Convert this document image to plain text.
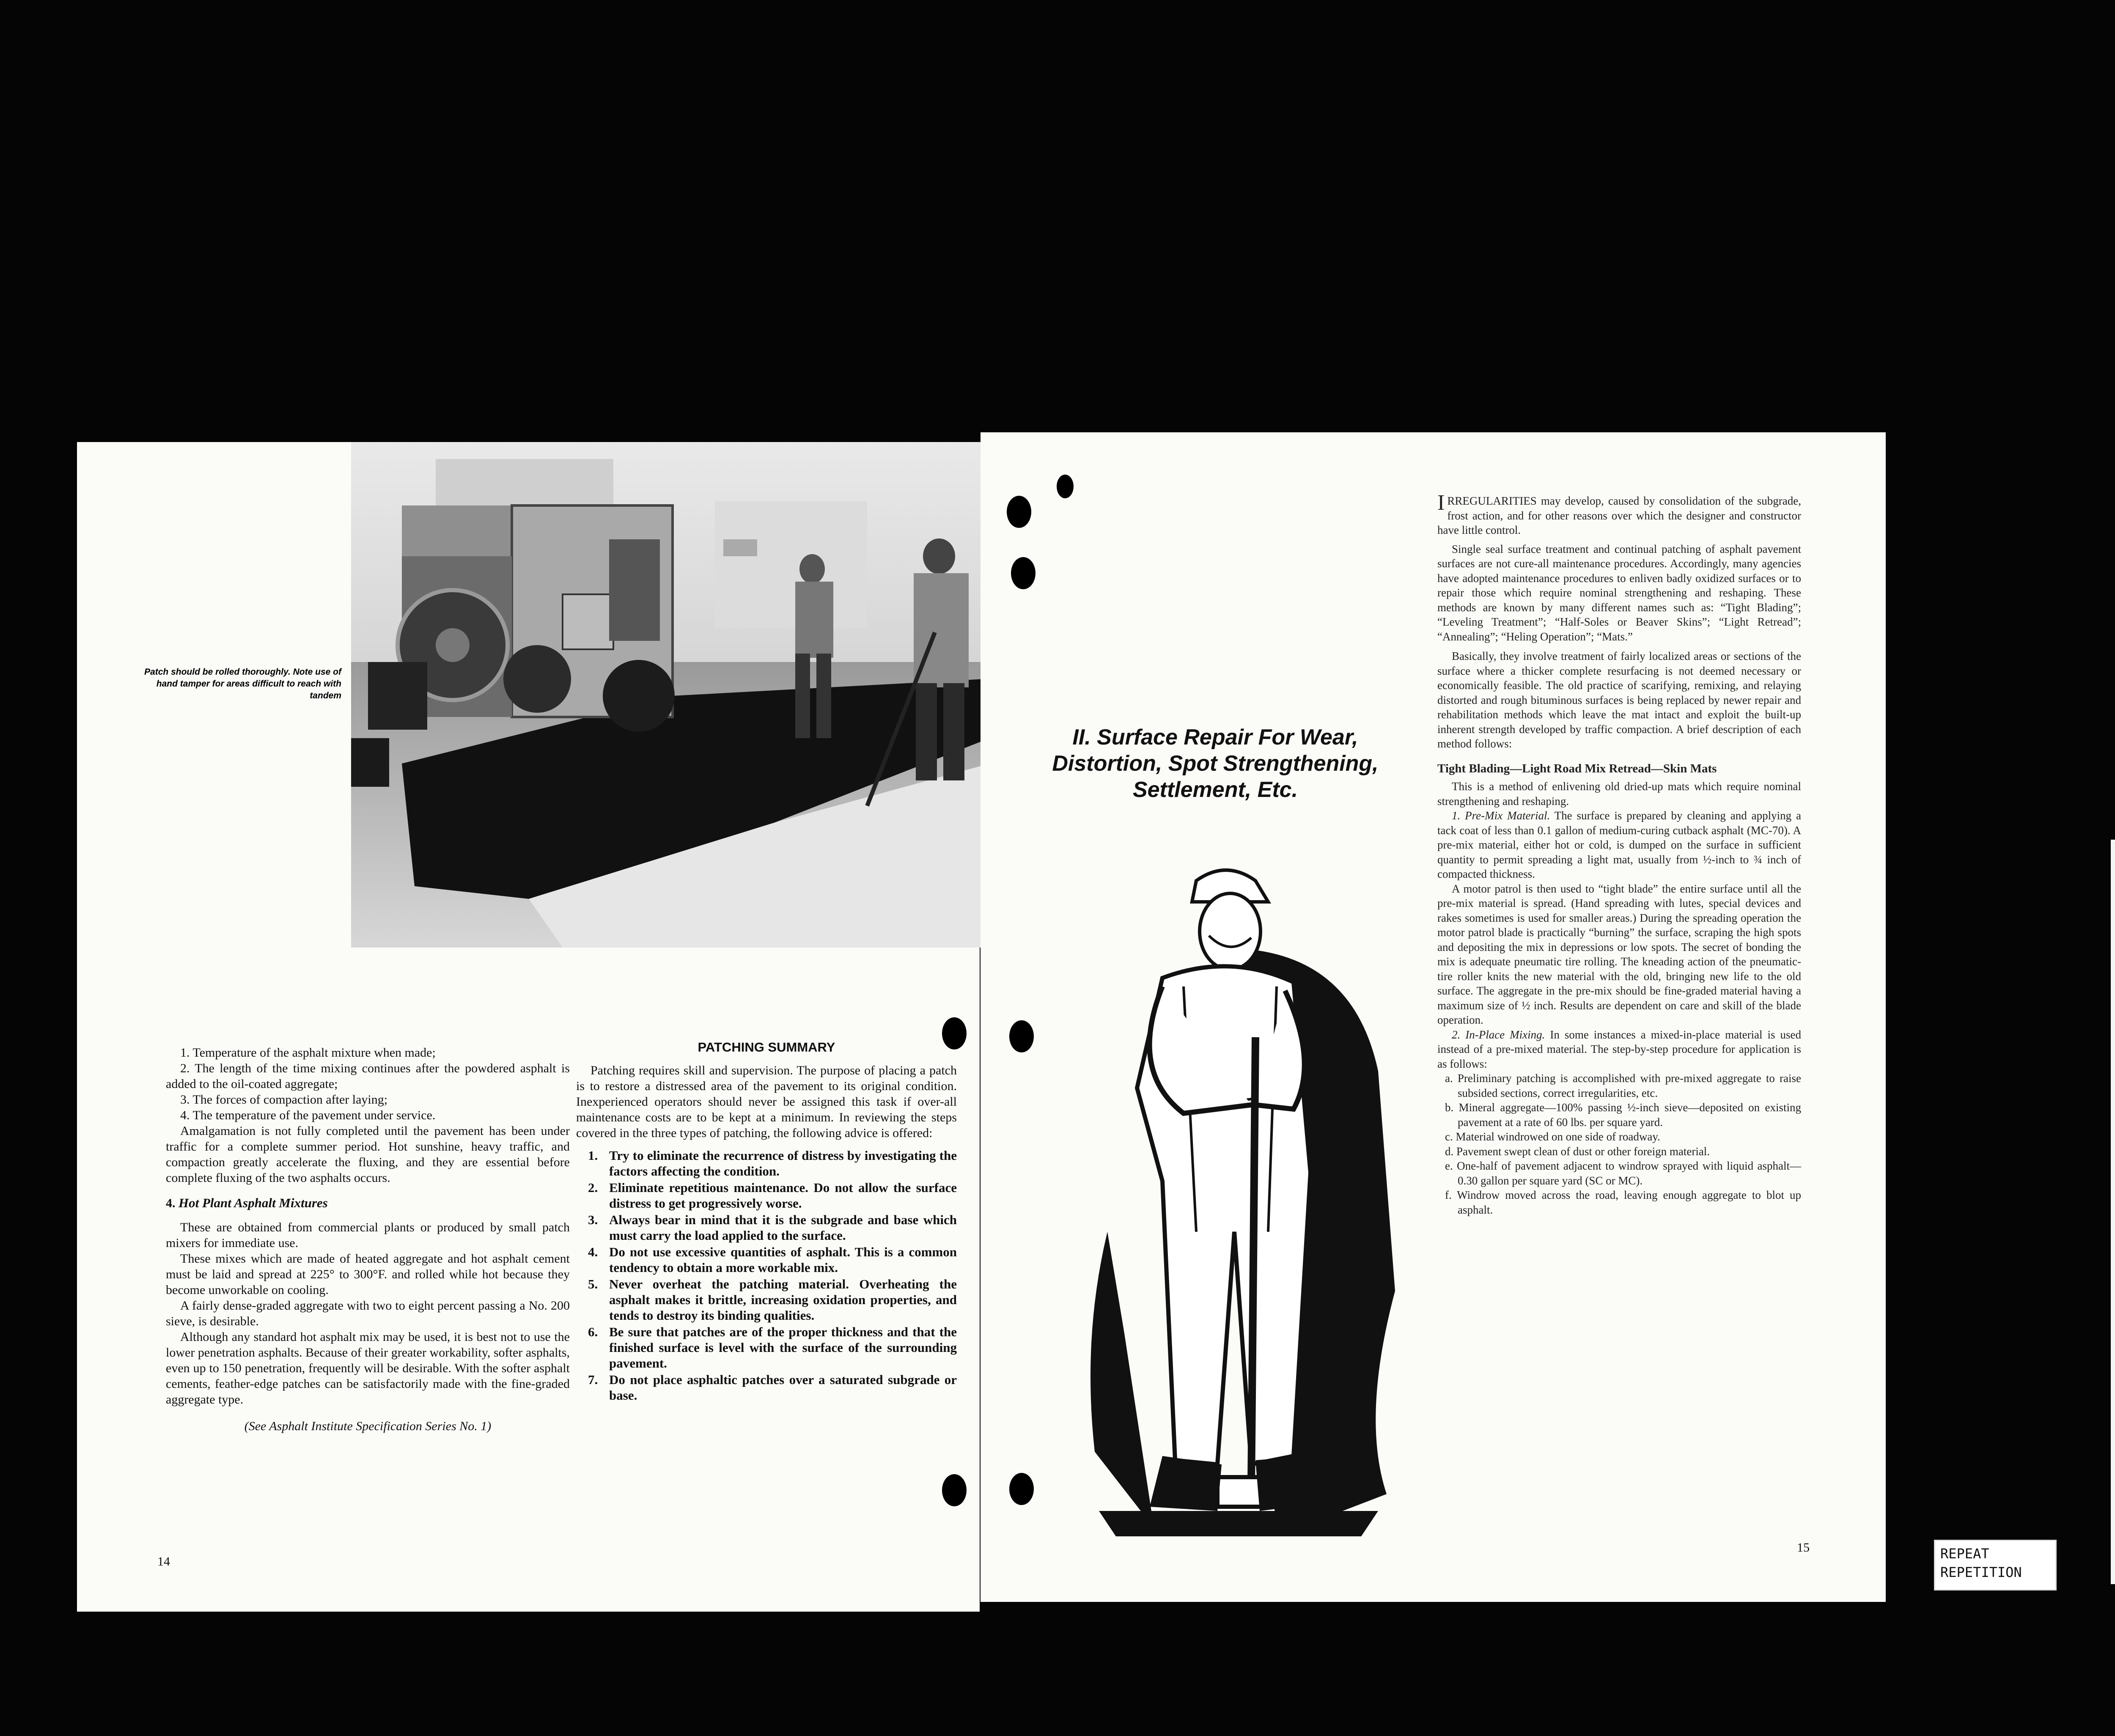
Patch should be rolled thoroughly. Note use of hand tamper for areas difficult to reach with tandem

1. Temperature of the asphalt mixture when made;

2. The length of the time mixing continues after the powdered asphalt is added to the oil-coated aggregate;

3. The forces of compaction after laying;

4. The temperature of the pavement under service.

Amalgamation is not fully completed until the pavement has been under traffic for a complete summer period. Hot sunshine, heavy traffic, and compaction greatly accelerate the fluxing, and they are essential before complete fluxing of the two asphalts occurs.

4. Hot Plant Asphalt Mixtures

These are obtained from commercial plants or produced by small patch mixers for immediate use.

These mixes which are made of heated aggregate and hot asphalt cement must be laid and spread at 225° to 300°F. and rolled while hot because they become unworkable on cooling.

A fairly dense-graded aggregate with two to eight percent passing a No. 200 sieve, is desirable.

Although any standard hot asphalt mix may be used, it is best not to use the lower penetration asphalts. Because of their greater workability, softer asphalts, even up to 150 penetration, frequently will be desirable. With the softer asphalt cements, feather-edge patches can be satisfactorily made with the fine-graded aggregate type.

(See Asphalt Institute Specification Series No. 1)

PATCHING SUMMARY

Patching requires skill and supervision. The purpose of placing a patch is to restore a distressed area of the pavement to its original condition. Inexperienced operators should never be assigned this task if over-all maintenance costs are to be kept at a minimum. In reviewing the steps covered in the three types of patching, the following advice is offered:

1. Try to eliminate the recurrence of distress by investigating the factors affecting the condition.
2. Eliminate repetitious maintenance. Do not allow the surface distress to get progressively worse.
3. Always bear in mind that it is the subgrade and base which must carry the load applied to the surface.
4. Do not use excessive quantities of asphalt. This is a common tendency to obtain a more workable mix.
5. Never overheat the patching material. Overheating the asphalt makes it brittle, increasing oxidation properties, and tends to destroy its binding qualities.
6. Be sure that patches are of the proper thickness and that the finished surface is level with the surface of the surrounding pavement.
7. Do not place asphaltic patches over a saturated subgrade or base.
14
II. Surface Repair For Wear,
Distortion, Spot Strengthening,
Settlement, Etc.

I RREGULARITIES may develop, caused by consolidation of the subgrade, frost action, and for other reasons over which the designer and constructor have little control.

Single seal surface treatment and continual patching of asphalt pavement surfaces are not cure-all maintenance procedures. Accordingly, many agencies have adopted maintenance procedures to enliven badly oxidized surfaces or to repair those which require nominal strengthening and reshaping. These methods are known by many different names such as: “Tight Blading”; “Leveling Treatment”; “Half-Soles or Beaver Skins”; “Light Retread”; “Annealing”; “Heling Operation”; “Mats.”

Basically, they involve treatment of fairly localized areas or sections of the surface where a thicker complete resurfacing is not deemed necessary or economically feasible. The old practice of scarifying, remixing, and relaying distorted and rough bituminous surfaces is being replaced by newer repair and rehabilitation methods which leave the mat intact and exploit the built-up inherent strength developed by traffic compaction. A brief description of each method follows:

Tight Blading—Light Road Mix Retread—Skin Mats

This is a method of enlivening old dried-up mats which require nominal strengthening and reshaping.

1. Pre-Mix Material. The surface is prepared by cleaning and applying a tack coat of less than 0.1 gallon of medium-curing cutback asphalt (MC-70). A pre-mix material, either hot or cold, is dumped on the surface in sufficient quantity to permit spreading a light mat, usually from ½-inch to ¾ inch of compacted thickness.

A motor patrol is then used to “tight blade” the entire surface until all the pre-mix material is spread. (Hand spreading with lutes, special devices and rakes sometimes is used for smaller areas.) During the spreading operation the motor patrol blade is practically “burning” the surface, scraping the high spots and depositing the mix in depressions or low spots. The secret of bonding the mix is adequate pneumatic tire rolling. The kneading action of the pneumatic-tire roller knits the new material with the old, bringing new life to the old surface. The aggregate in the pre-mix should be fine-graded material having a maximum size of ½ inch. Results are dependent on care and skill of the blade operation.

2. In-Place Mixing. In some instances a mixed-in-place material is used instead of a pre-mixed material. The step-by-step procedure for application is as follows:

a. Preliminary patching is accomplished with pre-mixed aggregate to raise subsided sections, correct irregularities, etc.
b. Mineral aggregate—100% passing ½-inch sieve—deposited on existing pavement at a rate of 60 lbs. per square yard.
c. Material windrowed on one side of roadway.
d. Pavement swept clean of dust or other foreign material.
e. One-half of pavement adjacent to windrow sprayed with liquid asphalt—0.30 gallon per square yard (SC or MC).
f. Windrow moved across the road, leaving enough aggregate to blot up asphalt.
15	REPEAT
REPETITION
